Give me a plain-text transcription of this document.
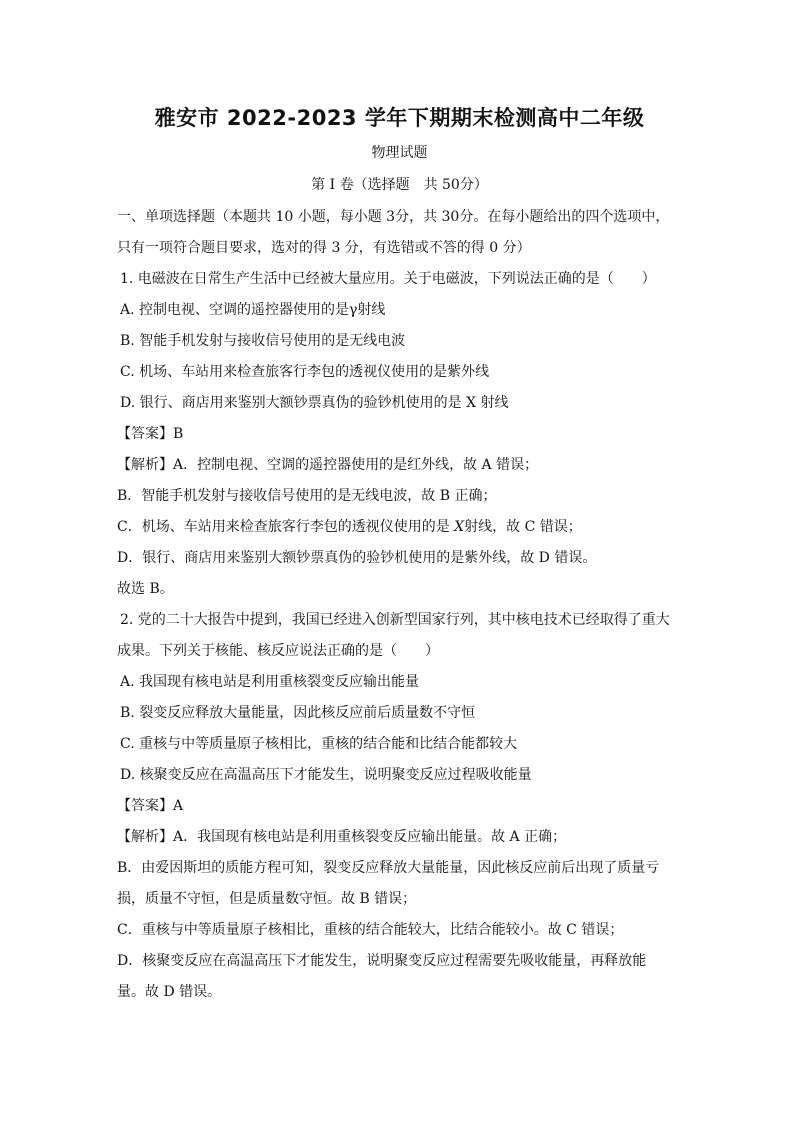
雅安市 2022-2023 学年下期期末检测高中二年级
物理试题
第 I 卷（选择题　共 50分）
一、单项选择题（本题共 10 小题，每小题 3分，共 30分。在每小题给出的四个选项中，
只有一项符合题目要求，选对的得 3 分，有选错或不答的得 0 分）
1. 电磁波在日常生产生活中已经被大量应用。关于电磁波，下列说法正确的是（　　）
A. 控制电视、空调的遥控器使用的是γ射线
B. 智能手机发射与接收信号使用的是无线电波
C. 机场、车站用来检查旅客行李包的透视仪使用的是紫外线
D. 银行、商店用来鉴别大额钞票真伪的验钞机使用的是 X 射线
【答案】B
【解析】A．控制电视、空调的遥控器使用的是红外线，故 A 错误；
B．智能手机发射与接收信号使用的是无线电波，故 B 正确；
C．机场、车站用来检查旅客行李包的透视仪使用的是 X射线，故 C 错误；
D．银行、商店用来鉴别大额钞票真伪的验钞机使用的是紫外线，故 D 错误。
故选 B。
2. 党的二十大报告中提到，我国已经进入创新型国家行列，其中核电技术已经取得了重大
成果。下列关于核能、核反应说法正确的是（　　）
A. 我国现有核电站是利用重核裂变反应输出能量
B. 裂变反应释放大量能量，因此核反应前后质量数不守恒
C. 重核与中等质量原子核相比，重核的结合能和比结合能都较大
D. 核聚变反应在高温高压下才能发生，说明聚变反应过程吸收能量
【答案】A
【解析】A．我国现有核电站是利用重核裂变反应输出能量。故 A 正确；
B．由爱因斯坦的质能方程可知，裂变反应释放大量能量，因此核反应前后出现了质量亏
损，质量不守恒，但是质量数守恒。故 B 错误；
C．重核与中等质量原子核相比，重核的结合能较大，比结合能较小。故 C 错误；
D．核聚变反应在高温高压下才能发生，说明聚变反应过程需要先吸收能量，再释放能
量。故 D 错误。
